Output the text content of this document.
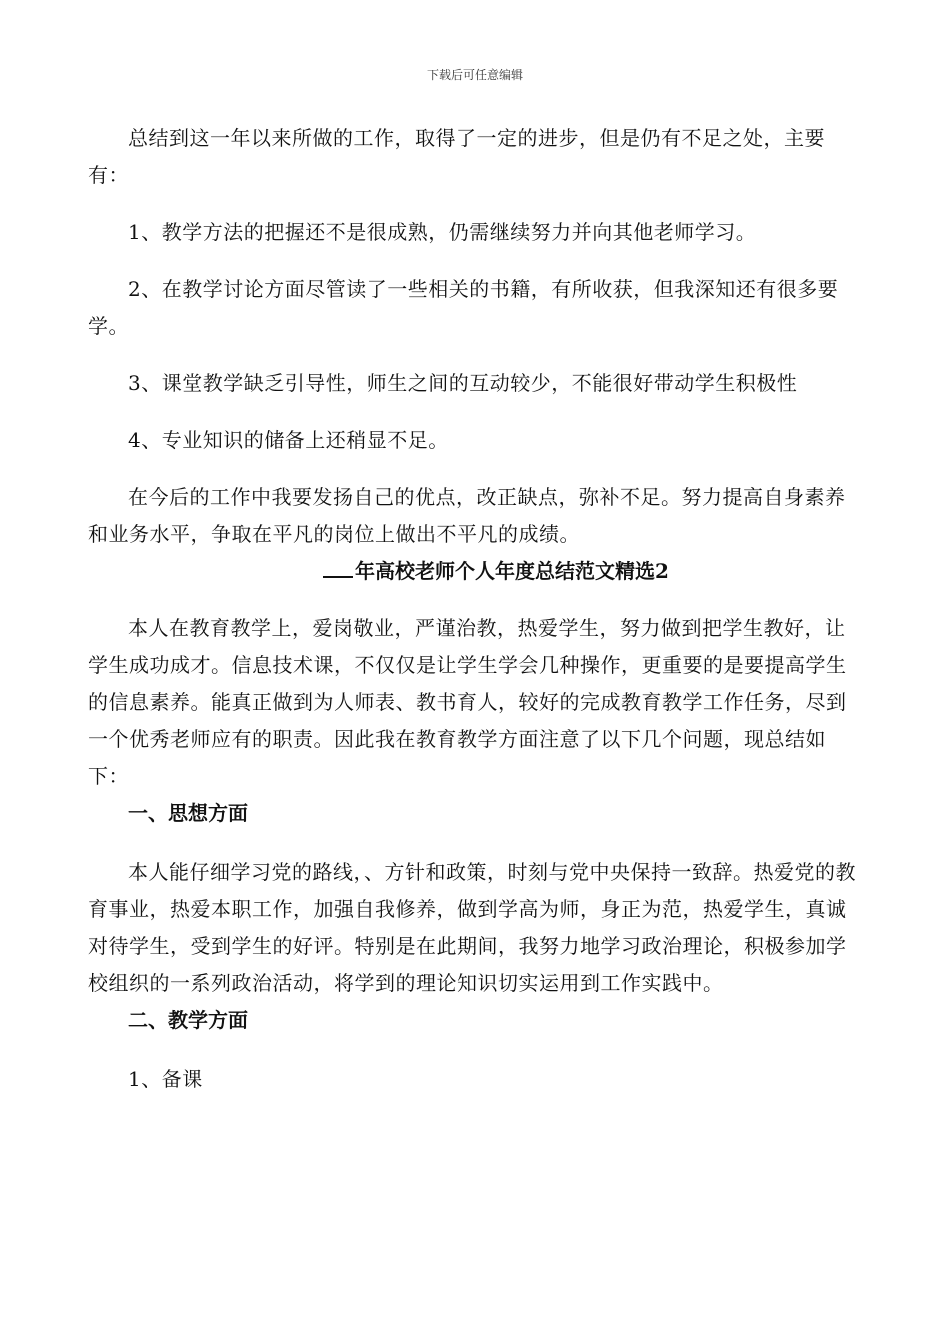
下载后可任意编辑

总结到这一年以来所做的工作，取得了一定的进步，但是仍有不足之处，主要有：

1、教学方法的把握还不是很成熟，仍需继续努力并向其他老师学习。

2、在教学讨论方面尽管读了一些相关的书籍，有所收获，但我深知还有很多要学。

3、课堂教学缺乏引导性，师生之间的互动较少，不能很好带动学生积极性

4、专业知识的储备上还稍显不足。

在今后的工作中我要发扬自己的优点，改正缺点，弥补不足。努力提高自身素养和业务水平，争取在平凡的岗位上做出不平凡的成绩。

年高校老师个人年度总结范文精选2

本人在教育教学上，爱岗敬业，严谨治教，热爱学生，努力做到把学生教好，让学生成功成才。信息技术课，不仅仅是让学生学会几种操作，更重要的是要提高学生的信息素养。能真正做到为人师表、教书育人，较好的完成教育教学工作任务，尽到一个优秀老师应有的职责。因此我在教育教学方面注意了以下几个问题，现总结如下：

一、思想方面

本人能仔细学习党的路线，、方针和政策，时刻与党中央保持一致辞。热爱党的教育事业，热爱本职工作，加强自我修养，做到学高为师，身正为范，热爱学生，真诚对待学生，受到学生的好评。特别是在此期间，我努力地学习政治理论，积极参加学校组织的一系列政治活动，将学到的理论知识切实运用到工作实践中。

二、教学方面

1、备课
